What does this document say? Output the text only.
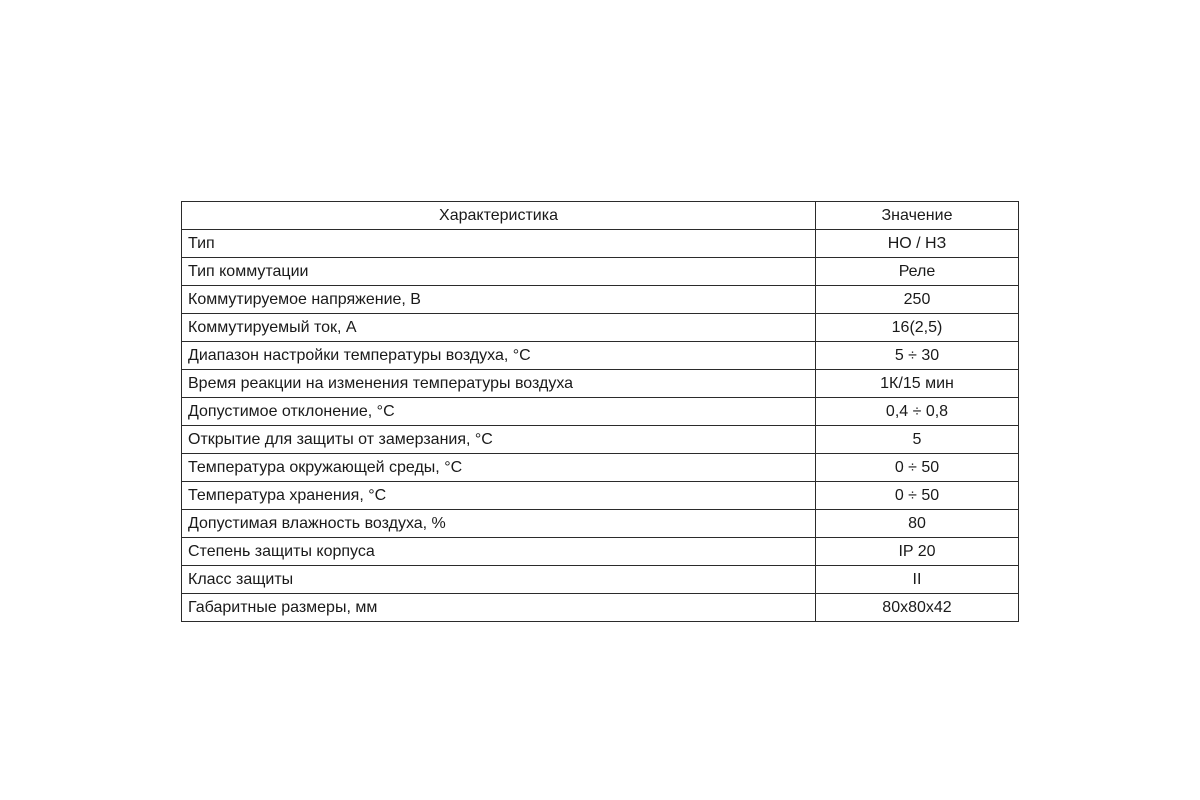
Характеристика	Значение
Тип	НО / НЗ
Тип коммутации	Реле
Коммутируемое напряжение, В	250
Коммутируемый ток, А	16(2,5)
Диапазон настройки температуры воздуха, °С	5 ÷ 30
Время реакции на изменения температуры воздуха	1К/15 мин
Допустимое отклонение, °С	0,4 ÷ 0,8
Открытие для защиты от замерзания, °С	5
Температура окружающей среды, °С	0 ÷ 50
Температура хранения, °С	0 ÷ 50
Допустимая влажность воздуха, %	80
Степень защиты корпуса	IP 20
Класс защиты	II
Габаритные размеры, мм	80х80х42
